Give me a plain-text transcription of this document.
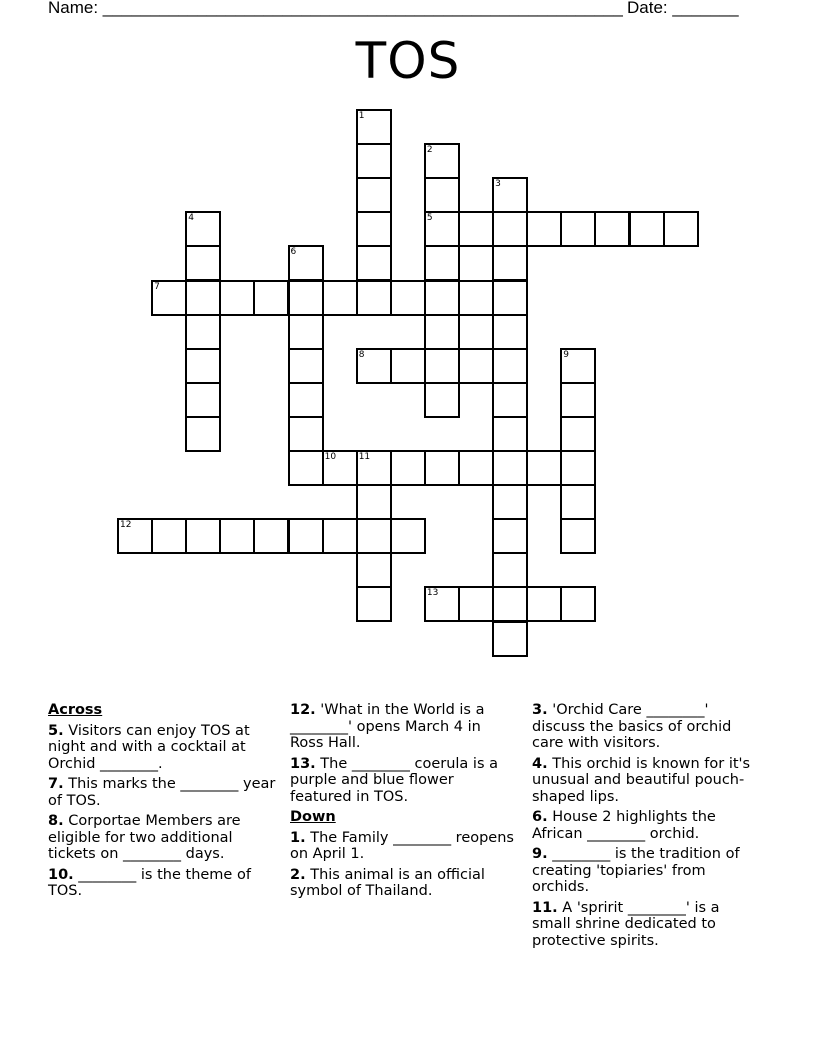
Name: _______________________________________________________ Date: _______
TOS
1
2
3
4	5
6
7
8	9
10	11
12
13
Across
5. Visitors can enjoy TOS at night and with a cocktail at Orchid ________.
7. This marks the ________ year of TOS.
8. Corportae Members are eligible for two additional tickets on ________ days.
10. ________ is the theme of TOS.
12. 'What in the World is a ________' opens March 4 in Ross Hall.
13. The ________ coerula is a purple and blue flower featured in TOS.
Down
1. The Family ________ reopens on April 1.
2. This animal is an official symbol of Thailand.
3. 'Orchid Care ________' discuss the basics of orchid care with visitors.
4. This orchid is known for it's unusual and beautiful pouch-shaped lips.
6. House 2 highlights the African ________ orchid.
9. ________ is the tradition of creating 'topiaries' from orchids.
11. A 'spririt ________' is a small shrine dedicated to protective spirits.
